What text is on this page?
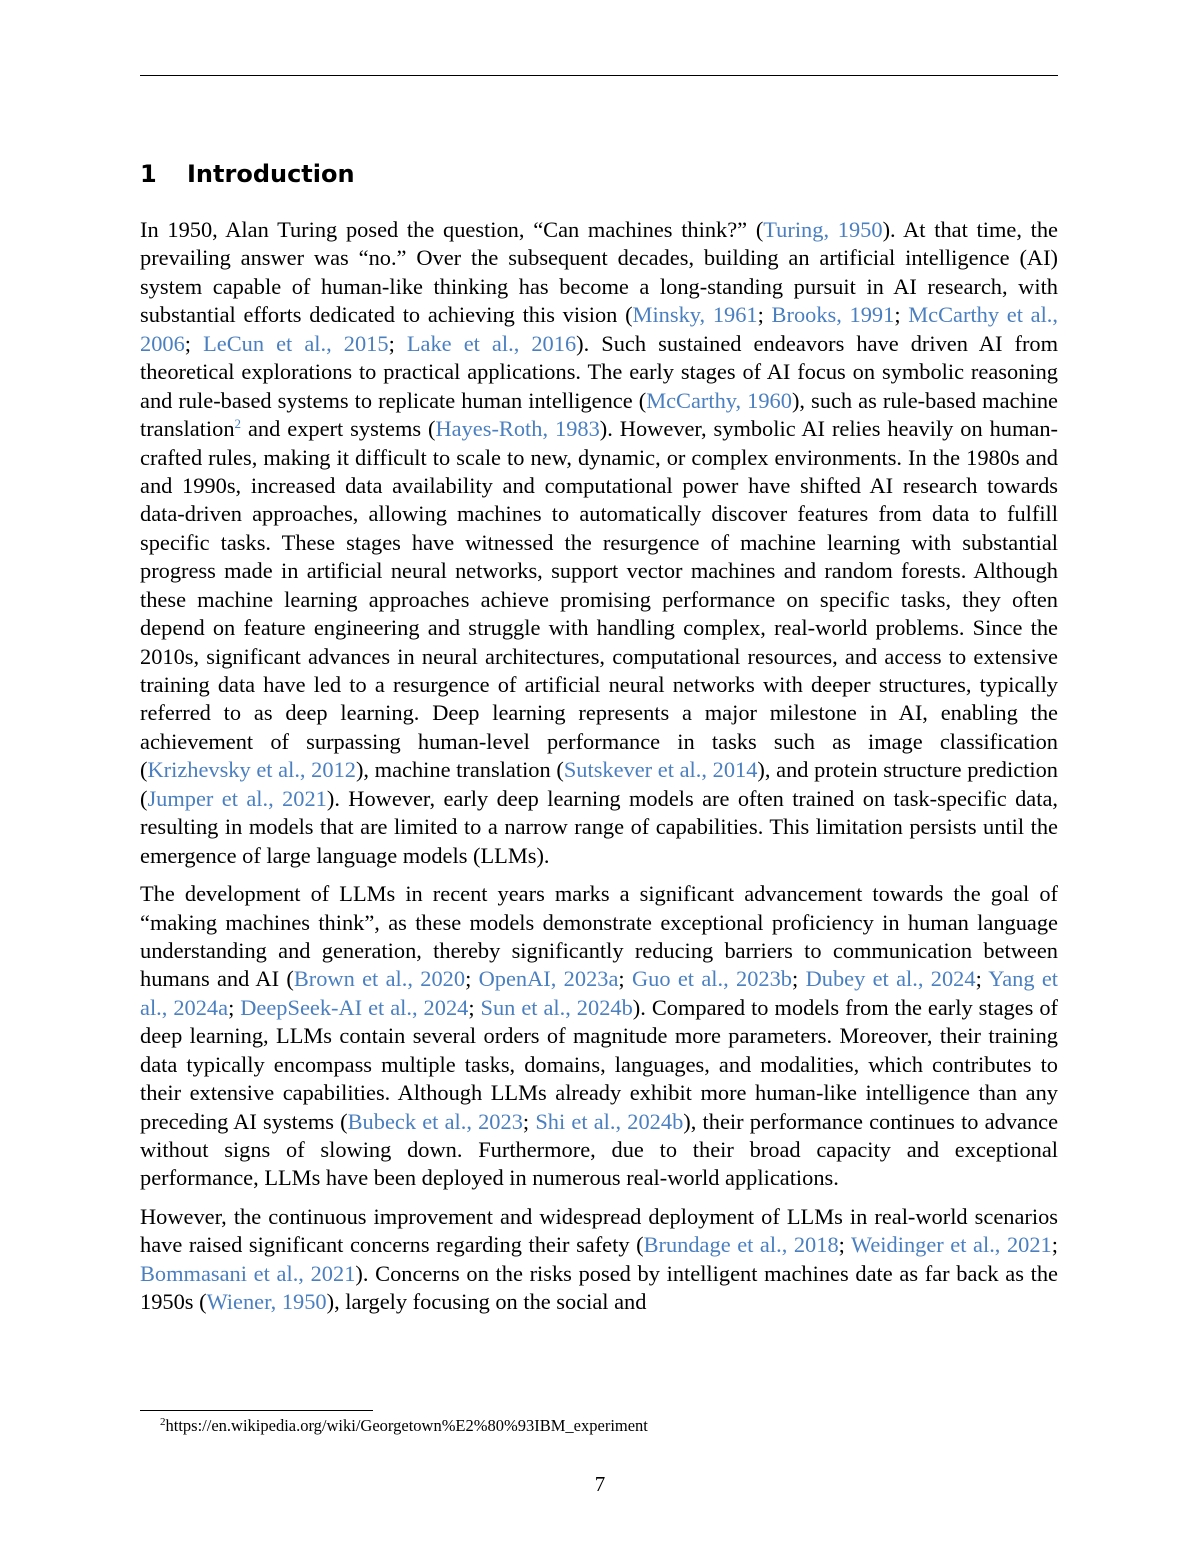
1 Introduction

In 1950, Alan Turing posed the question, “Can machines think?” (Turing, 1950). At that time, the prevailing answer was “no.” Over the subsequent decades, building an artificial intelligence (AI) system capable of human-like thinking has become a long-standing pursuit in AI research, with substantial efforts dedicated to achieving this vision (Minsky, 1961; Brooks, 1991; McCarthy et al., 2006; LeCun et al., 2015; Lake et al., 2016). Such sustained endeavors have driven AI from theoretical explorations to practical applications. The early stages of AI focus on symbolic reasoning and rule-based systems to replicate human intelligence (McCarthy, 1960), such as rule-based machine translation$^2$ and expert systems (Hayes-Roth, 1983). However, symbolic AI relies heavily on human-crafted rules, making it difficult to scale to new, dynamic, or complex environments. In the 1980s and and 1990s, increased data availability and computational power have shifted AI research towards data-driven approaches, allowing machines to automatically discover features from data to fulfill specific tasks. These stages have witnessed the resurgence of machine learning with substantial progress made in artificial neural networks, support vector machines and random forests. Although these machine learning approaches achieve promising performance on specific tasks, they often depend on feature engineering and struggle with handling complex, real-world problems. Since the 2010s, significant advances in neural architectures, computational resources, and access to extensive training data have led to a resurgence of artificial neural networks with deeper structures, typically referred to as deep learning. Deep learning represents a major milestone in AI, enabling the achievement of surpassing human-level performance in tasks such as image classification (Krizhevsky et al., 2012), machine translation (Sutskever et al., 2014), and protein structure prediction (Jumper et al., 2021). However, early deep learning models are often trained on task-specific data, resulting in models that are limited to a narrow range of capabilities. This limitation persists until the emergence of large language models (LLMs).

The development of LLMs in recent years marks a significant advancement towards the goal of “making machines think”, as these models demonstrate exceptional proficiency in human language understanding and generation, thereby significantly reducing barriers to communication between humans and AI (Brown et al., 2020; OpenAI, 2023a; Guo et al., 2023b; Dubey et al., 2024; Yang et al., 2024a; DeepSeek-AI et al., 2024; Sun et al., 2024b). Compared to models from the early stages of deep learning, LLMs contain several orders of magnitude more parameters. Moreover, their training data typically encompass multiple tasks, domains, languages, and modalities, which contributes to their extensive capabilities. Although LLMs already exhibit more human-like intelligence than any preceding AI systems (Bubeck et al., 2023; Shi et al., 2024b), their performance continues to advance without signs of slowing down. Furthermore, due to their broad capacity and exceptional performance, LLMs have been deployed in numerous real-world applications.

However, the continuous improvement and widespread deployment of LLMs in real-world scenarios have raised significant concerns regarding their safety (Brundage et al., 2018; Weidinger et al., 2021; Bommasani et al., 2021). Concerns on the risks posed by intelligent machines date as far back as the 1950s (Wiener, 1950), largely focusing on the social and

$^2$https://en.wikipedia.org/wiki/Georgetown%E2%80%93IBM_experiment
7
